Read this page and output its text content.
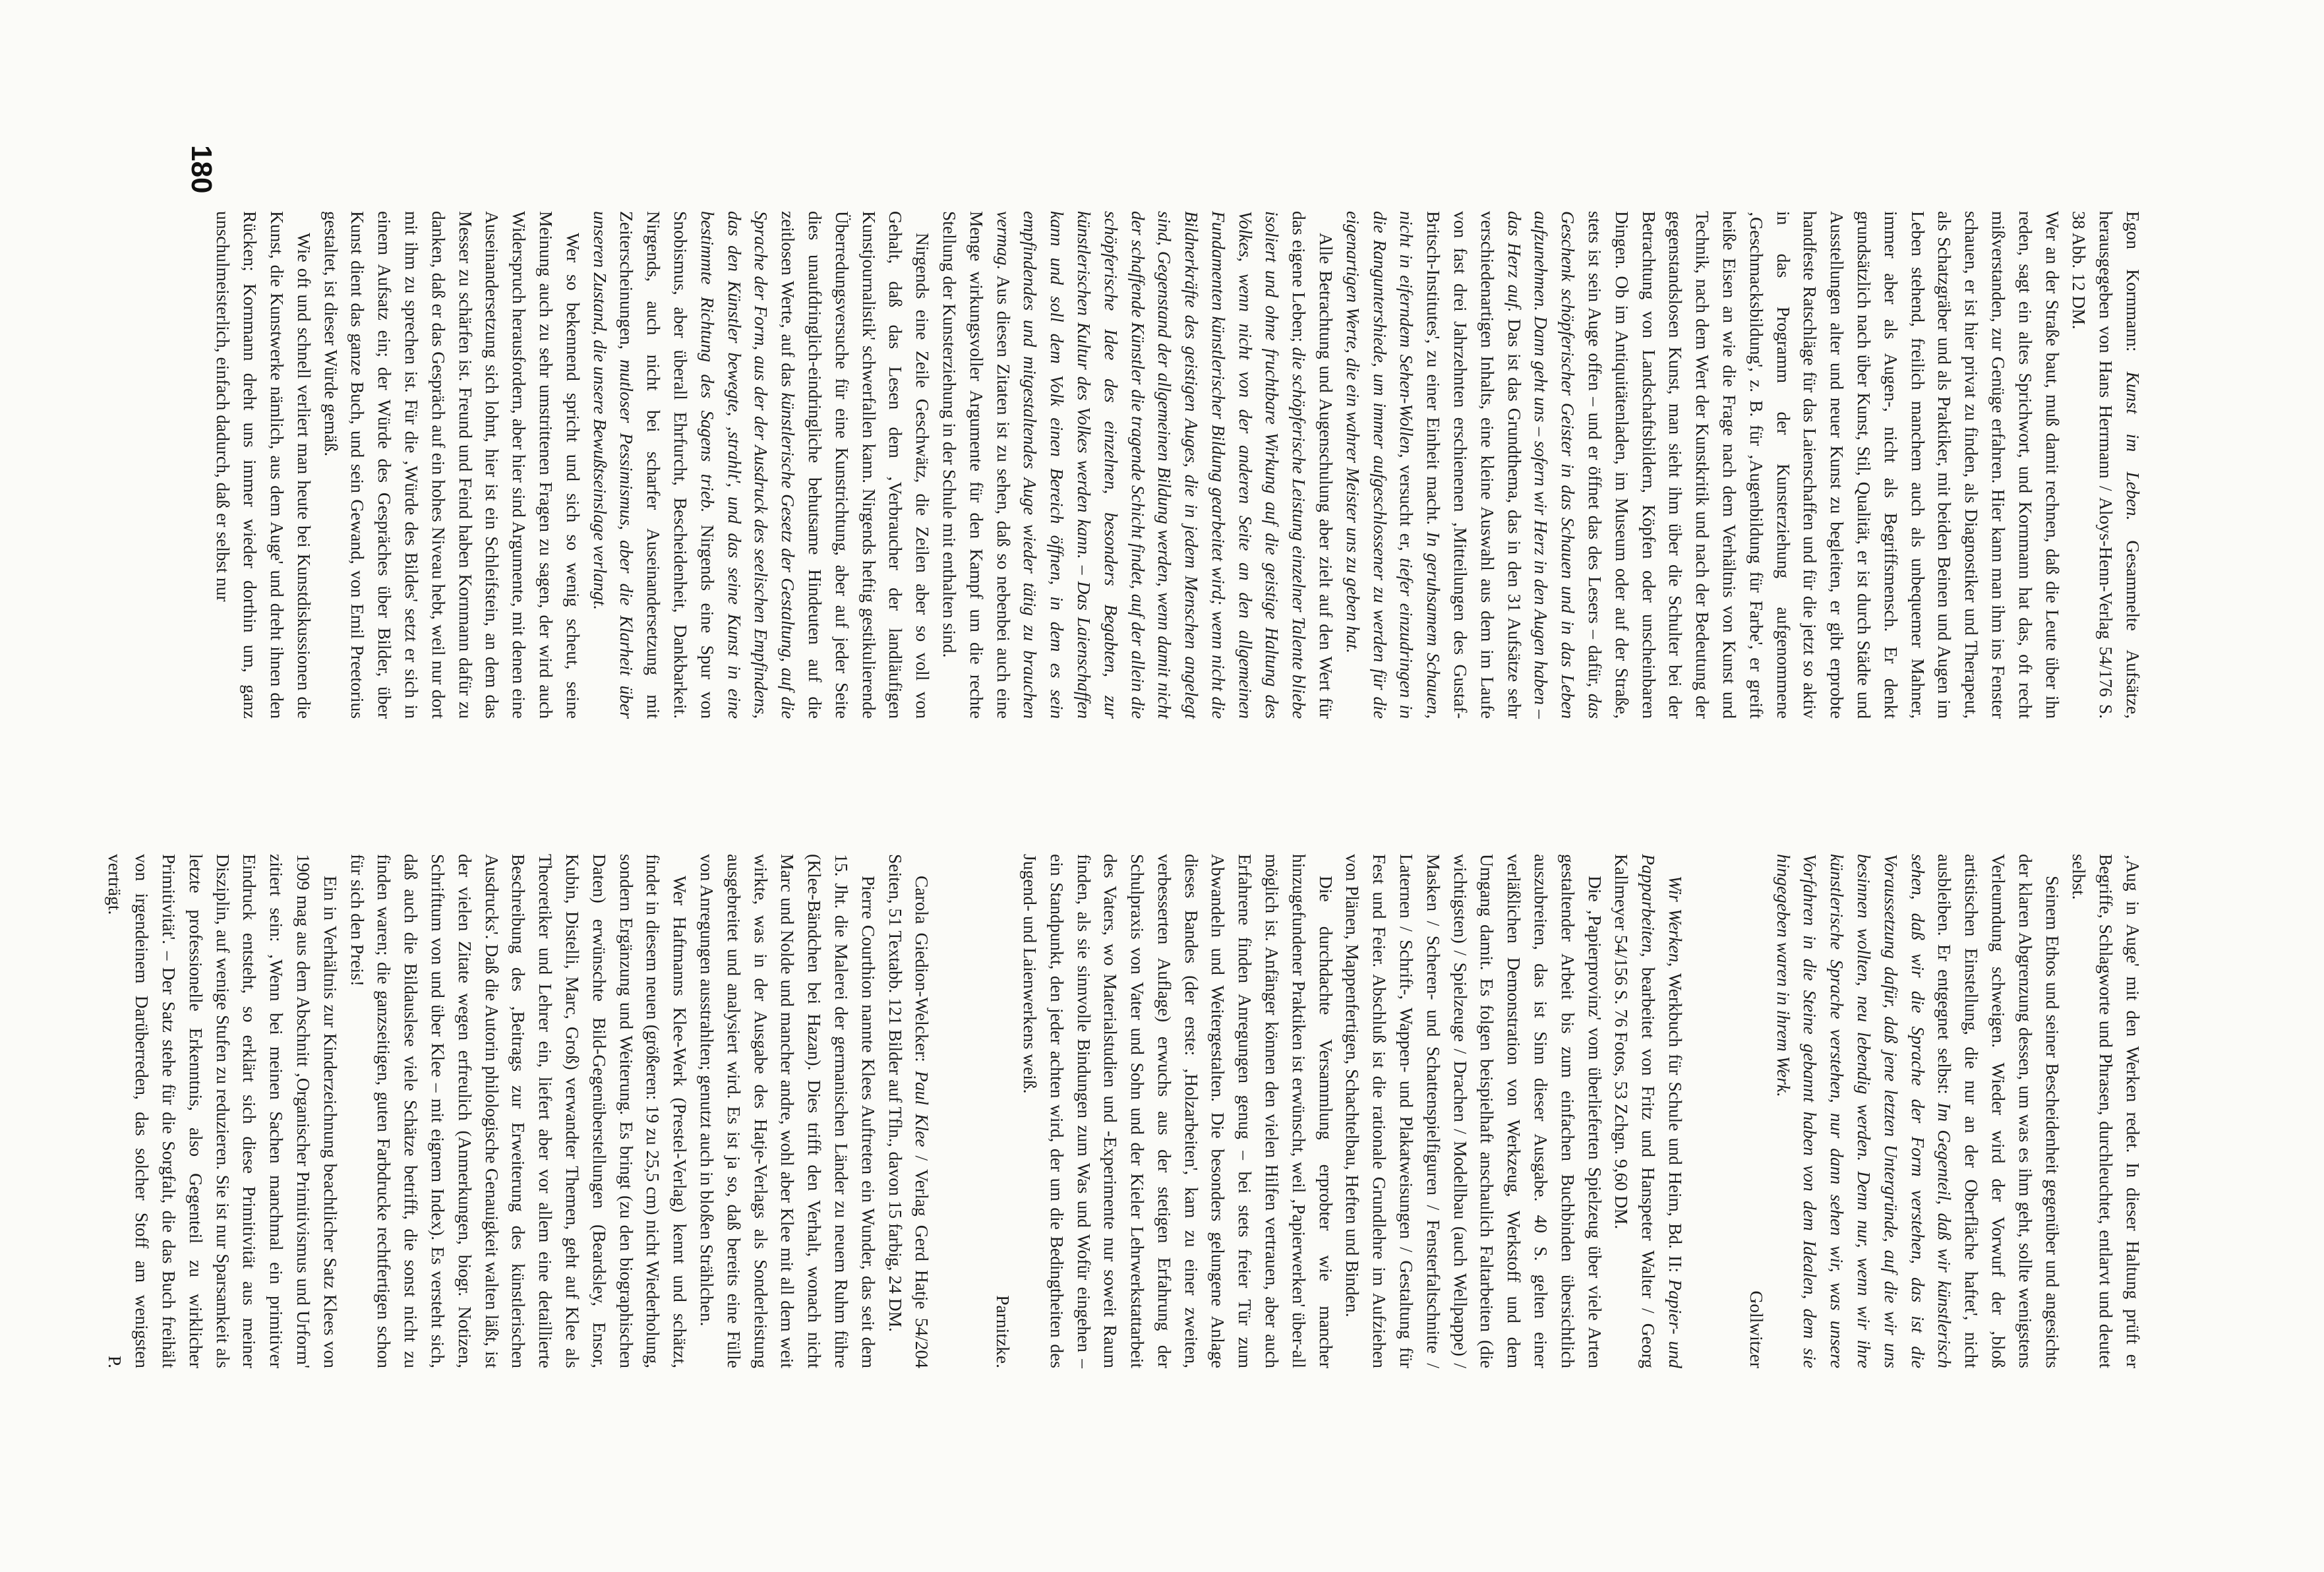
180

Egon Kornmann: Kunst im Leben. Gesammelte Aufsätze, herausgegeben von Hans Herrmann / Aloys-Henn-Verlag 54/176 S. 38 Abb. 12 DM.

Wer an der Straße baut, muß damit rechnen, daß die Leute über ihn reden, sagt ein altes Sprichwort, und Kornmann hat das, oft recht mißverstanden, zur Genüge erfahren. Hier kann man ihm ins Fenster schauen, er ist hier privat zu finden, als Diagnostiker und Therapeut, als Schatzgräber und als Praktiker, mit beiden Beinen und Augen im Leben stehend, freilich manchem auch als unbequemer Mahner, immer aber als Augen-, nicht als Begriffsmensch. Er denkt grundsätzlich nach über Kunst, Stil, Qualität, er ist durch Städte und Ausstellungen alter und neuer Kunst zu begleiten, er gibt erprobte handfeste Ratschläge für das Laienschaffen und für die jetzt so aktiv in das Programm der Kunsterziehung aufgenommene ‚Geschmacksbildung', z. B. für ‚Augenbildung für Farbe', er greift heiße Eisen an wie die Frage nach dem Verhältnis von Kunst und Technik, nach dem Wert der Kunstkritik und nach der Bedeutung der gegenstandslosen Kunst, man sieht ihm über die Schulter bei der Betrachtung von Landschaftsbildern, Köpfen oder unscheinbaren Dingen. Ob im Antiquitätenladen, im Museum oder auf der Straße, stets ist sein Auge offen – und er öffnet das des Lesers – dafür,

das Geschenk schöpferischer Geister in das Schauen und in das Leben aufzunehmen. Dann geht uns – sofern wir Herz in den Augen haben – das Herz auf. Das ist das Grundthema, das in den 31 Aufsätze sehr verschiedenartigen Inhalts, eine kleine Auswahl aus dem im Laufe von fast drei Jahrzehnten erschienenen ‚Mitteilungen des Gustaf-Britsch-Institutes', zu einer Einheit macht. In geruhsamem Schauen, nicht in eiferndem Sehen-Wollen, versucht er, tiefer einzudringen in die Ranguntershiede, um immer aufgeschlossener zu werden für die eigenartigen Werte, die ein wahrer Meister uns zu geben hat.

Alle Betrachtung und Augenschulung aber zielt auf den Wert für das eigene Leben; die schöpferische Leistung einzelner Talente bliebe isoliert und ohne fruchtbare Wirkung auf die geistige Haltung des Volkes, wenn nicht von der anderen Seite an den allgemeinen Fundamenten künstlerischer Bildung gearbeitet wird; wenn nicht die Bildnerkräfte des geistigen Auges, die in jedem Menschen angelegt sind, Gegenstand der allgemeinen Bildung werden, wenn damit nicht der schaffende Künstler die tragende Schicht findet, auf der allein die schöpferische Idee des einzelnen, besonders Begabten, zur künstlerischen Kultur des Volkes werden kann. – Das Laienschaffen kann und soll dem Volk einen Bereich öffnen, in dem es sein empfindendes und mitgestaltendes Auge wieder tätig zu brauchen vermag. Aus diesen Zitaten ist zu sehen, daß so nebenbei auch eine Menge wirkungsvoller Argumente für den Kampf um die rechte Stellung der Kunsterziehung in der Schule mit enthalten sind.

Nirgends eine Zeile Geschwätz, die Zeilen aber so voll von Gehalt, daß das Lesen dem ‚Verbraucher der landläufigen Kunstjournalistik' schwerfallen kann. Nirgends heftig gestikulierende Überredungsversuche für eine Kunstrichtung, aber auf jeder Seite dies unaufdringlich-eindringliche behutsame Hindeuten auf die zeitlosen Werte, auf das künstlerische Gesetz der Gestaltung, auf die Sprache der Form, aus der der Ausdruck des seelischen Empfindens, das den Künstler bewegte, ‚strahlt', und das seine Kunst in eine bestimmte Richtung des Sagens trieb. Nirgends eine Spur von Snobismus, aber überall Ehrfurcht, Bescheidenheit, Dankbarkeit. Nirgends, auch nicht bei scharfer Auseinandersetzung mit Zeiterscheinungen, mutloser Pessimismus, aber die Klarheit über unseren Zustand, die unsere Bewußtseinslage verlangt.

Wer so bekennend spricht und sich so wenig scheut, seine Meinung auch zu sehr umstrittenen Fragen zu sagen, der wird auch Widerspruch herausfordern, aber hier sind Argumente, mit denen eine Auseinandersetzung sich lohnt, hier ist ein Schleifstein, an dem das Messer zu schärfen ist. Freund und Feind haben Kornmann dafür zu danken, daß er das Gespräch auf ein hohes Niveau hebt, weil nur dort mit ihm zu sprechen ist. Für die ‚Würde des Bildes' setzt er sich in einem Aufsatz ein; der Würde des Gespräches über Bilder, über Kunst dient das ganze Buch, und sein Gewand, von Emil Preetorius gestaltet, ist dieser Würde gemäß.

Wie oft und schnell verliert man heute bei Kunstdiskussionen die Kunst, die Kunstwerke nämlich, aus dem Auge' und dreht ihnen den Rücken; Kornmann dreht uns immer wieder dorthin um, ganz unschulmeisterlich, einfach dadurch, daß er selbst nur

‚Aug in Auge' mit den Werken redet. In dieser Haltung prüft er Begriffe, Schlagworte und Phrasen, durchleuchtet, entlarvt und deutet selbst.

Seinem Ethos und seiner Bescheidenheit gegenüber und angesichts der klaren Abgrenzung dessen, um was es ihm geht, sollte wenigstens Verleumdung schweigen. Wieder wird der Vorwurf der ‚bloß artistischen Einstellung, die nur an der Oberfläche haftet', nicht ausbleiben. Er entgegnet selbst: Im Gegenteil, daß wir künstlerisch sehen, daß wir die Sprache der Form verstehen, das ist die Voraussetzung dafür, daß jene letzten Untergründe, auf die wir uns besinnen wollten, neu lebendig werden. Denn nur, wenn wir ihre künstlerische Sprache verstehen, nur dann sehen wir, was unsere Vorfahren in die Steine gebannt haben von dem Idealen, dem sie hingegeben waren in ihrem Werk.

Gollwitzer

Wir Werken, Werkbuch für Schule und Heim, Bd. II: Papier- und Papparbeiten, bearbeitet von Fritz und Hanspeter Walter / Georg Kallmeyer 54/156 S. 76 Fotos, 53 Zchgn. 9,60 DM.

Die ‚Papierprovinz' vom überlieferten Spielzeug über viele Arten gestaltender Arbeit bis zum einfachen Buchbinden übersichtlich auszubreiten, das ist Sinn dieser Ausgabe. 40 S. gelten einer verläßlichen Demonstration von Werkzeug, Werkstoff und dem Umgang damit. Es folgen beispielhaft anschaulich Faltarbeiten (die wichtigsten) / Spielzeuge / Drachen / Modellbau (auch Wellpappe) / Masken / Scheren- und Schattenspielfiguren / Fensterfaltschnitte / Laternen / Schrift-, Wappen- und Plakatweisungen / Gestaltung für Fest und Feier. Abschluß ist die rationale Grundlehre im Aufziehen von Plänen, Mappenfertigen, Schachtelbau, Heften und Binden.

Die durchdachte Versammlung erprobter wie mancher hinzugefundener Praktiken ist erwünscht, weil ‚Papierwerken' über-all möglich ist. Anfänger können den vielen Hilfen vertrauen, aber auch Erfahrene finden Anregungen genug – bei stets freier Tür zum Abwandeln und Weitergestalten. Die besonders gelungene Anlage dieses Bandes (der erste: ‚Holzarbeiten', kam zu einer zweiten, verbesserten Auflage) erwuchs aus der stetigen Erfahrung der Schulpraxis von Vater und Sohn und der Kieler Lehrwerkstattarbeit des Vaters, wo Materialstudien und -Experimente nur soweit Raum finden, als sie sinnvolle Bindungen zum Was und Wofür eingehen – ein Standpunkt, den jeder achten wird, der um die Bedingtheiten des Jugend- und Laienwerkens weiß.

Parnitzke.

Carola Giedion-Welcker: Paul Klee / Verlag Gerd Hatje 54/204 Seiten, 51 Textabb. 121 Bilder auf Tfln., davon 15 farbig, 24 DM.

Pierre Courthion nannte Klees Auftreten ein Wunder, das seit dem 15. Jht. die Malerei der germanischen Länder zu neuem Ruhm führe (Klee-Bändchen bei Hazan). Dies trifft den Verhalt, wonach nicht Marc und Nolde und mancher andre, wohl aber Klee mit all dem weit wirkte, was in der Ausgabe des Hatje-Verlags als Sonderleistung ausgebreitet und analysiert wird. Es ist ja so, daß bereits eine Fülle von Anregungen ausstrahlten; genutzt auch in bloßen Strählchen.

Wer Haftmanns Klee-Werk (Prestel-Verlag) kennt und schätzt, findet in diesem neuen (größeren: 19 zu 25,5 cm) nicht Wiederholung, sondern Ergänzung und Weiterung. Es bringt (zu den biographischen Daten) erwünschte Bild-Gegenüberstellungen (Beardsley, Ensor, Kubin, Distelli, Marc, Groß) verwandter Themen, geht auf Klee als Theoretiker und Lehrer ein, liefert aber vor allem eine detaillierte Beschreibung des ‚Beitrags zur Erweiterung des künstlerischen Ausdrucks'. Daß die Autorin philologische Genauigkeit walten läßt, ist der vielen Zitate wegen erfreulich (Anmerkungen, biogr. Notizen, Schrifttum von und über Klee – mit eignem Index). Es versteht sich, daß auch die Bildauslese viele Schätze betrifft, die sonst nicht zu finden waren; die ganzseitigen, guten Farbdrucke rechtfertigen schon für sich den Preis!

Ein in Verhältnis zur Kinderzeichnung beachtlicher Satz Klees von 1909 mag aus dem Abschnitt ‚Organischer Primitivismus und Urform' zitiert sein: ‚Wenn bei meinen Sachen manchmal ein primitiver Eindruck entsteht, so erklärt sich diese Primitivität aus meiner Disziplin, auf wenige Stufen zu reduzieren. Sie ist nur Sparsamkeit als letzte professionelle Erkenntnis, also Gegenteil zu wirklicher Primitivität'. – Der Satz stehe für die Sorgfalt, die das Buch freihält von irgendeinem Darüberreden, das solcher Stoff am wenigsten verträgt.
P.
